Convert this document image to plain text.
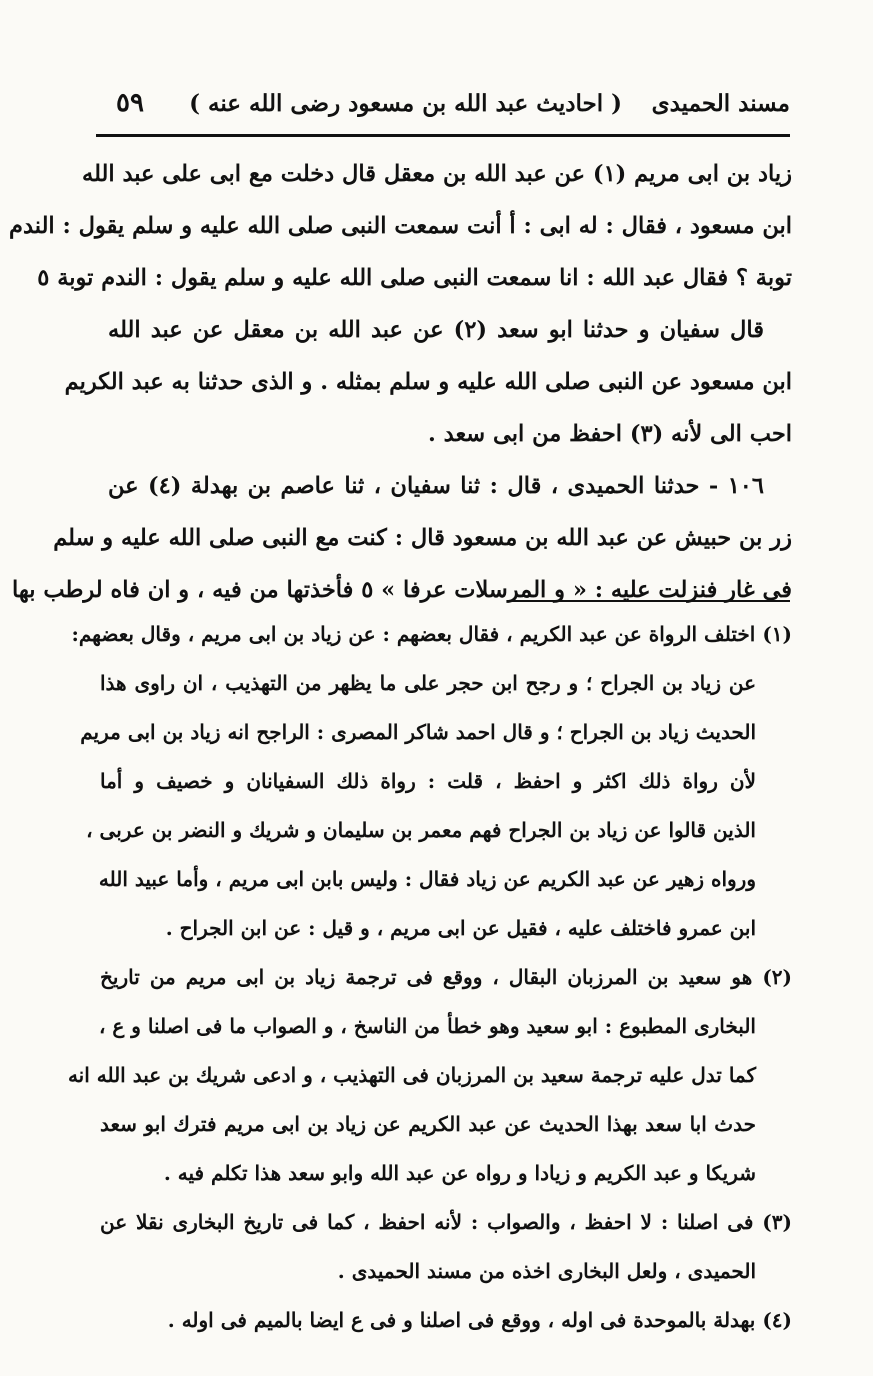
مسند الحميدى
( احاديث عبد الله بن مسعود رضى الله عنه )
٥٩
زياد بن ابى مريم (١) عن عبد الله بن معقل قال دخلت مع ابى على عبد الله
ابن مسعود ، فقال : له ابى : أ أنت سمعت النبى صلى الله عليه و سلم يقول : الندم
توبة ؟ فقال عبد الله : انا سمعت النبى صلى الله عليه و سلم يقول : الندم توبة ٥
قال سفيان و حدثنا ابو سعد (٢) عن عبد الله بن معقل عن عبد الله
ابن مسعود عن النبى صلى الله عليه و سلم بمثله . و الذى حدثنا به عبد الكريم
احب الى لأنه (٣) احفظ من ابى سعد .
١٠٦ - حدثنا الحميدى ، قال : ثنا سفيان ، ثنا عاصم بن بهدلة (٤) عن
زر بن حبيش عن عبد الله بن مسعود قال : كنت مع النبى صلى الله عليه و سلم
فى غار فنزلت عليه : « و المرسلات عرفا » ٥ فأخذتها من فيه ، و ان فاه لرطب بها
(١) اختلف الرواة عن عبد الكريم ، فقال بعضهم : عن زياد بن ابى مريم ، وقال بعضهم:
عن زياد بن الجراح ؛ و رجح ابن حجر على ما يظهر من التهذيب ، ان راوى هذا
الحديث زياد بن الجراح ؛ و قال احمد شاكر المصرى : الراجح انه زياد بن ابى مريم
لأن رواة ذلك اكثر و احفظ ، قلت : رواة ذلك السفيانان و خصيف و أما
الذين قالوا عن زياد بن الجراح فهم معمر بن سليمان و شريك و النضر بن عربى ،
ورواه زهير عن عبد الكريم عن زياد فقال : وليس بابن ابى مريم ، وأما عبيد الله
ابن عمرو فاختلف عليه ، فقيل عن ابى مريم ، و قيل : عن ابن الجراح .
(٢) هو سعيد بن المرزبان البقال ، ووقع فى ترجمة زياد بن ابى مريم من تاريخ
البخارى المطبوع : ابو سعيد وهو خطأ من الناسخ ، و الصواب ما فى اصلنا و ع ،
كما تدل عليه ترجمة سعيد بن المرزبان فى التهذيب ، و ادعى شريك بن عبد الله انه
حدث ابا سعد بهذا الحديث عن عبد الكريم عن زياد بن ابى مريم فترك ابو سعد
شريكا و عبد الكريم و زيادا و رواه عن عبد الله وابو سعد هذا تكلم فيه .
(٣) فى اصلنا : لا احفظ ، والصواب : لأنه احفظ ، كما فى تاريخ البخارى نقلا عن
الحميدى ، ولعل البخارى اخذه من مسند الحميدى .
(٤) بهدلة بالموحدة فى اوله ، ووقع فى اصلنا و فى ع ايضا بالميم فى اوله .
